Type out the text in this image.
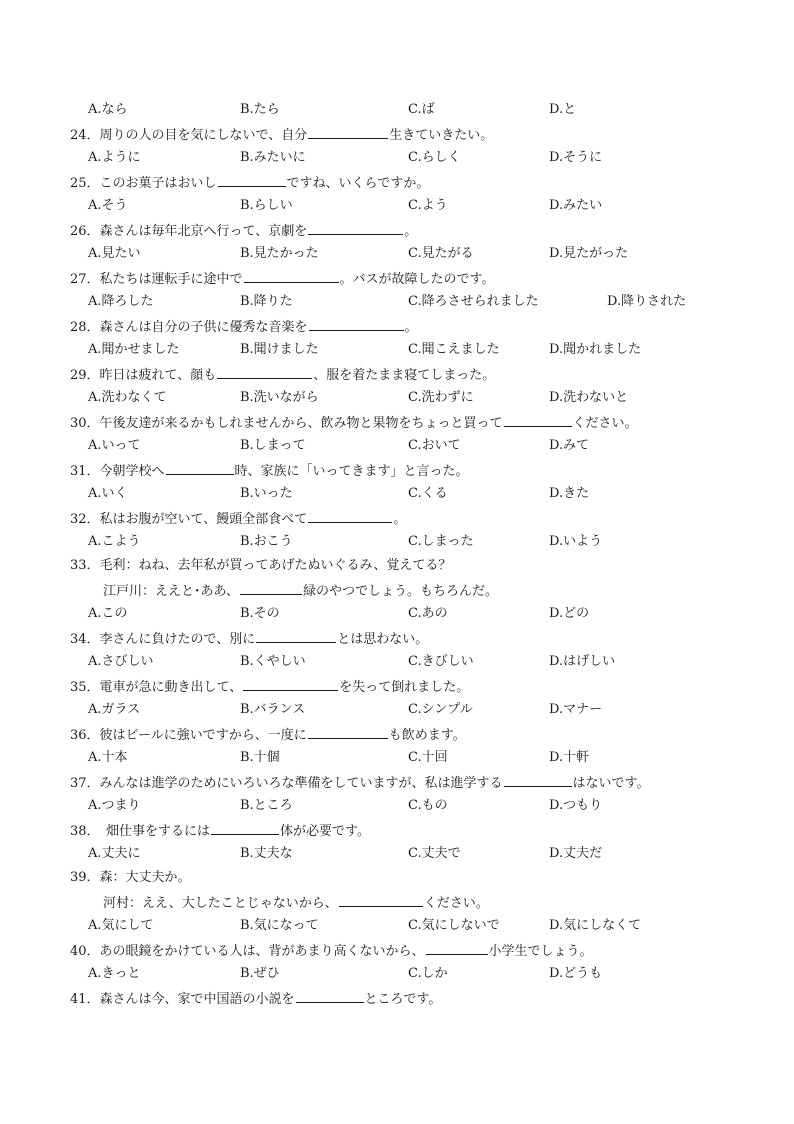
A.なら	B.たら	C.ば	D.と
24．周りの人の目を気にしないで、自分	生きていきたい。
A.ように	B.みたいに	C.らしく	D.そうに
25．このお菓子はおいし	ですね、いくらですか。
A.そう	B.らしい	C.よう	D.みたい
26．森さんは毎年北京へ行って、京劇を	。
A.見たい	B.見たかった	C.見たがる	D.見たがった
27．私たちは運転手に途中で	。バスが故障したのです。
A.降ろした	B.降りた	C.降ろさせられました	D.降りされた
28．森さんは自分の子供に優秀な音楽を	。
A.聞かせました	B.聞けました	C.聞こえました	D.聞かれました
29．昨日は疲れて、顔も	、服を着たまま寝てしまった。
A.洗わなくて	B.洗いながら	C.洗わずに	D.洗わないと
30．午後友達が来るかもしれませんから、飲み物と果物をちょっと買って	ください。
A.いって	B.しまって	C.おいて	D.みて
31．今朝学校へ	時、家族に「いってきます」と言った。
A.いく	B.いった	C.くる	D.きた
32．私はお腹が空いて、饅頭全部食べて	。
A.こよう	B.おこう	C.しまった	D.いよう
33．毛利：ねね、去年私が買ってあげたぬいぐるみ、覚えてる？
江戸川：ええと･ああ、	緑のやつでしょう。もちろんだ。
A.この	B.その	C.あの	D.どの
34．李さんに負けたので、別に	とは思わない。
A.さびしい	B.くやしい	C.きびしい	D.はげしい
35．電車が急に動き出して、	を失って倒れました。
A.ガラス	B.バランス	C.シンプル	D.マナー
36．彼はビールに強いですから、一度に	も飲めます。
A.十本	B.十個	C.十回	D.十軒
37．みんなは進学のためにいろいろな準備をしていますが、私は進学する	はないです。
A.つまり	B.ところ	C.もの	D.つもり
38．　畑仕事をするには	体が必要です。
A.丈夫に	B.丈夫な	C.丈夫で	D.丈夫だ
39．森：大丈夫か。
河村：ええ、大したことじゃないから、	ください。
A.気にして	B.気になって	C.気にしないで	D.気にしなくて
40．あの眼鏡をかけている人は、背があまり高くないから、	小学生でしょう。
A.きっと	B.ぜひ	C.しか	D.どうも
41．森さんは今、家で中国語の小説を	ところです。
